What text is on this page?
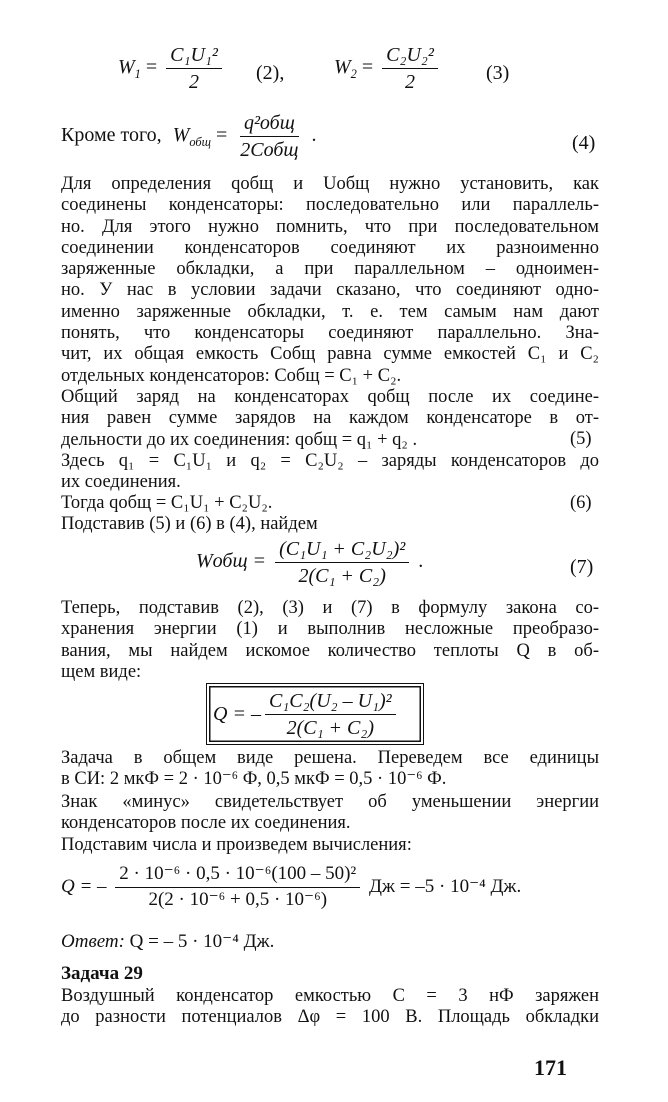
$W_1 = \frac{\text{C₁U₁²}}{2} (2)$, $W_2 = \frac{\text{C₂U₂²}}{2} (3)$
Кроме того, $W_{общ} = \frac{\text{q²общ}}{\text{2Cобщ}}$ .	(4)
Для определения qобщ и Uобщ нужно установить, как
соединены конденсаторы: последовательно или параллель-
но. Для этого нужно помнить, что при последовательном
соединении конденсаторов соединяют их разноименно
заряженные обкладки, а при параллельном – одноимен-
но. У нас в условии задачи сказано, что соединяют одно-
именно заряженные обкладки, т. е. тем самым нам дают
понять, что конденсаторы соединяют параллельно. Зна-
чит, их общая емкость Cобщ равна сумме емкостей C₁ и C₂
отдельных конденсаторов: Cобщ = C₁ + C₂.
Общий заряд на конденсаторах qобщ после их соедине-
ния равен сумме зарядов на каждом конденсаторе в от-
дельности до их соединения: qобщ = q₁ + q₂ .	(5)
Здесь q₁ = C₁U₁ и q₂ = C₂U₂ – заряды конденсаторов до
их соединения.
Тогда qобщ = C₁U₁ + C₂U₂.	(6)
Подставив (5) и (6) в (4), найдем
Wобщ = $\frac{\text{(C₁U₁ + C₂U₂)²}}{\text{2(C₁ + C₂)}}$ .	(7)
Теперь, подставив (2), (3) и (7) в формулу закона со-
хранения энергии (1) и выполнив несложные преобразо-
вания, мы найдем искомое количество теплоты Q в об-
щем виде:
Q = – $\frac{\text{C₁C₂(U₂ – U₁)²}}{\text{2(C₁ + C₂)}}$
Задача в общем виде решена. Переведем все единицы
в СИ: 2 мкФ = 2 · 10⁻⁶ Ф, 0,5 мкФ = 0,5 · 10⁻⁶ Ф.
Знак «минус» свидетельствует об уменьшении энергии
конденсаторов после их соединения.
Подставим числа и произведем вычисления:
Q = – $\frac{\text{2 · 10⁻⁶ · 0,5 · 10⁻⁶(100 – 50)²}}{\text{2(2 · 10⁻⁶ + 0,5 · 10⁻⁶)}}$ Дж = –5 · 10⁻⁴ Дж.
Ответ: Q = – 5 · 10⁻⁴ Дж.
Задача 29
Воздушный конденсатор емкостью C = 3 нФ заряжен
до разности потенциалов Δφ = 100 В. Площадь обкладки
171
